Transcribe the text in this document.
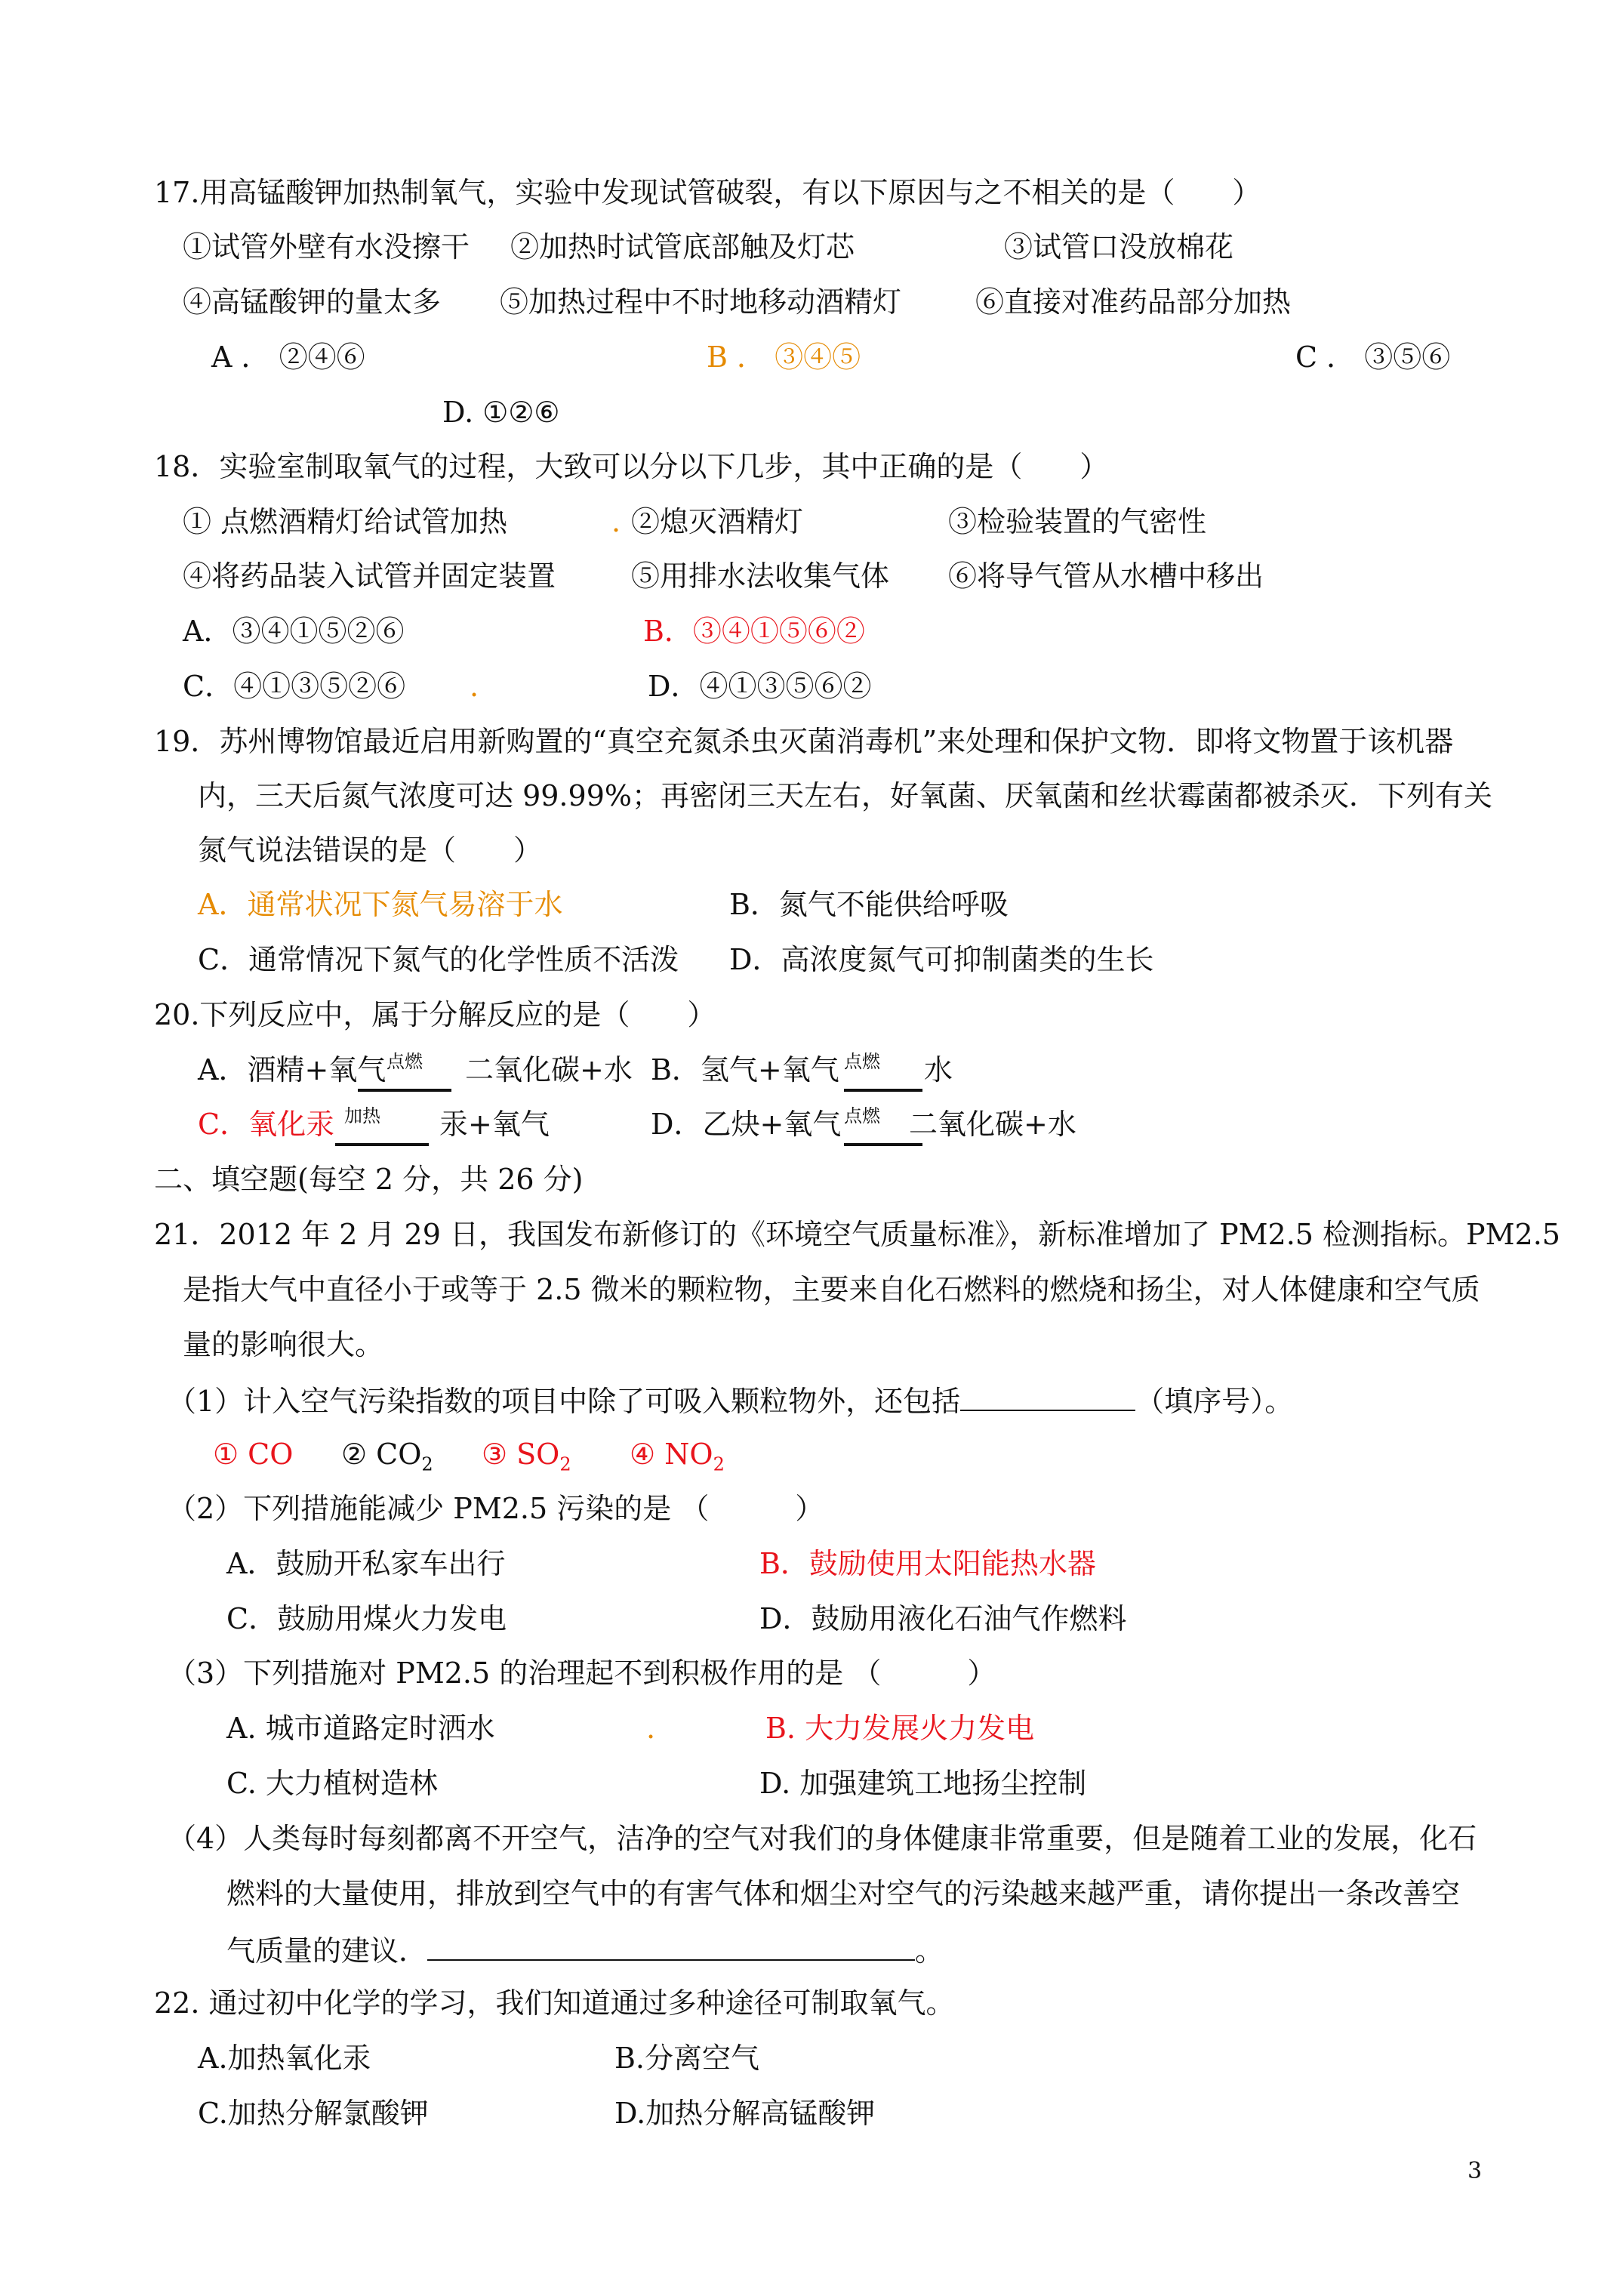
17.用高锰酸钾加热制氧气，实验中发现试管破裂，有以下原因与之不相关的是（　　）
①试管外壁有水没擦干 ②加热时试管底部触及灯芯	③试管口没放棉花
④高锰酸钾的量太多 ⑤加热过程中不时地移动酒精灯	⑥直接对准药品部分加热
A ． ②④⑥	B ． ③④⑤	C ． ③⑤⑥
D. ①②⑥
18．实验室制取氧气的过程，大致可以分以下几步，其中正确的是（　　）
① 点燃酒精灯给试管加热	. ②熄灭酒精灯	③检验装置的气密性
④将药品装入试管并固定装置	⑤用排水法收集气体 ⑥将导气管从水槽中移出
A．③④①⑤②⑥	B．③④①⑤⑥②
C．④①③⑤②⑥ .	D．④①③⑤⑥②
19．苏州博物馆最近启用新购置的“真空充氮杀虫灭菌消毒机”来处理和保护文物．即将文物置于该机器
内，三天后氮气浓度可达 99.99%；再密闭三天左右，好氧菌、厌氧菌和丝状霉菌都被杀灭．下列有关
氮气说法错误的是（　　）
A．通常状况下氮气易溶于水	B．氮气不能供给呼吸
C．通常情况下氮气的化学性质不活泼 D．高浓度氮气可抑制菌类的生长
20.下列反应中，属于分解反应的是（　　）
A．酒精+氧气 点燃 二氧化碳+水 B．氢气+氧气 点燃 水
C．氧化汞 加热 汞+氧气	D．乙炔+氧气 点燃 二氧化碳+水
二、填空题(每空 2 分，共 26 分)
21．2012 年 2 月 29 日，我国发布新修订的《环境空气质量标准》，新标准增加了 PM2.5 检测指标。PM2.5
是指大气中直径小于或等于 2.5 微米的颗粒物，主要来自化石燃料的燃烧和扬尘，对人体健康和空气质
量的影响很大。
（1）计入空气污染指数的项目中除了可吸入颗粒物外，还包括	（填序号）。
① CO ② $CO_2$ ③ $SO_2$ ④ $NO_2$
（2）下列措施能减少 PM2.5 污染的是 （　　　）
A．鼓励开私家车出行	B．鼓励使用太阳能热水器
C．鼓励用煤火力发电	D．鼓励用液化石油气作燃料
（3）下列措施对 PM2.5 的治理起不到积极作用的是 （　　　）
A. 城市道路定时洒水	.	B. 大力发展火力发电
C. 大力植树造林	D. 加强建筑工地扬尘控制
（4）人类每时每刻都离不开空气，洁净的空气对我们的身体健康非常重要，但是随着工业的发展，化石
燃料的大量使用，排放到空气中的有害气体和烟尘对空气的污染越来越严重，请你提出一条改善空
气质量的建议．	。
22. 通过初中化学的学习，我们知道通过多种途径可制取氧气。
A.加热氧化汞	B.分离空气
C.加热分解氯酸钾	D.加热分解高锰酸钾
3
